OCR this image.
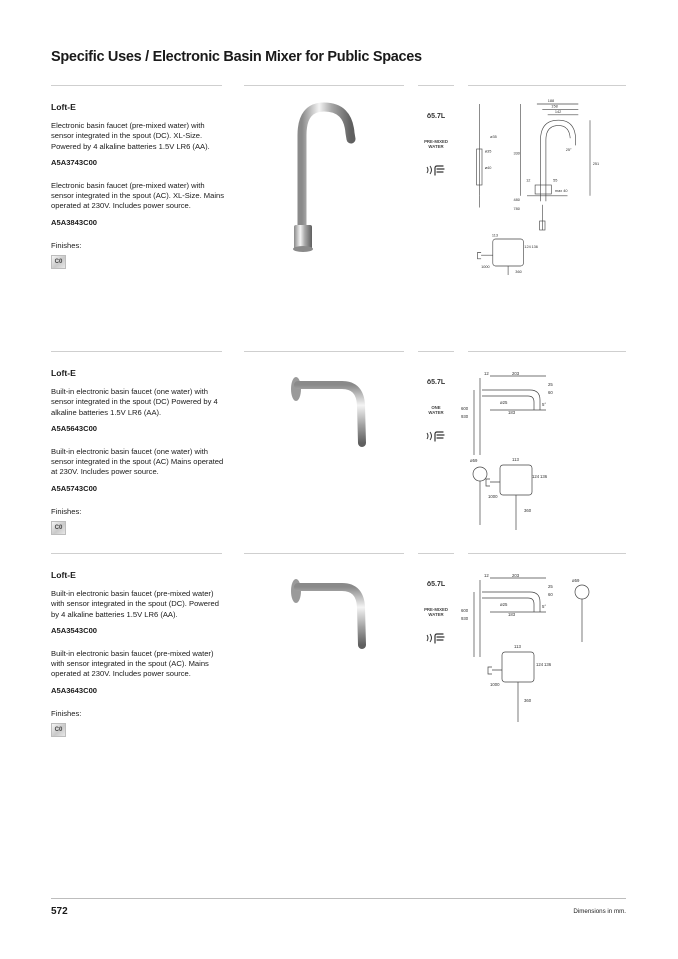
Specific Uses / Electronic Basin Mixer for Public Spaces
Loft-E

Electronic basin faucet (pre-mixed water) with sensor integrated in the spout (DC). XL-Size. Powered by 4 alkaline batteries 1.5V LR6 (AA).

A5A3743C00

Electronic basin faucet (pre-mixed water) with sensor integrated in the spout (AC). XL-Size. Mains operated at 230V. Includes power source.

A5A3843C00

Finishes:

C0
ō5.7L
PRE-MIXED
WATER
188
158
142
ø35
ø35
ø40
330
25°
251
12	55
max 40
480
780
113
124 136
1000
360
Loft-E

Built-in electronic basin faucet (one water) with sensor integrated in the spout (DC) Powered by 4 alkaline batteries 1.5V LR6 (AA).

A5A5643C00

Built-in electronic basin faucet (one water) with sensor integrated in the spout (AC) Mains operated at 230V. Includes power source.

A5A5743C00

Finishes:

C0
ō5.7L
ONE
WATER
12	203
25
60
ø25	5°
600
930
183
ø59	113
124 136
1000
360
Loft-E

Built-in electronic basin faucet (pre-mixed water) with sensor integrated in the spout (DC). Powered by 4 alkaline batteries 1.5V LR6 (AA).

A5A3543C00

Built-in electronic basin faucet (pre-mixed water) with sensor integrated in the spout (AC). Mains operated at 230V. Includes power source.

A5A3643C00

Finishes:

C0
ō5.7L
PRE-MIXED
WATER
12	203
25
60
ø25	5°
600
930
183
ø59
113
124 136
1000
360
572	Dimensions in mm.
